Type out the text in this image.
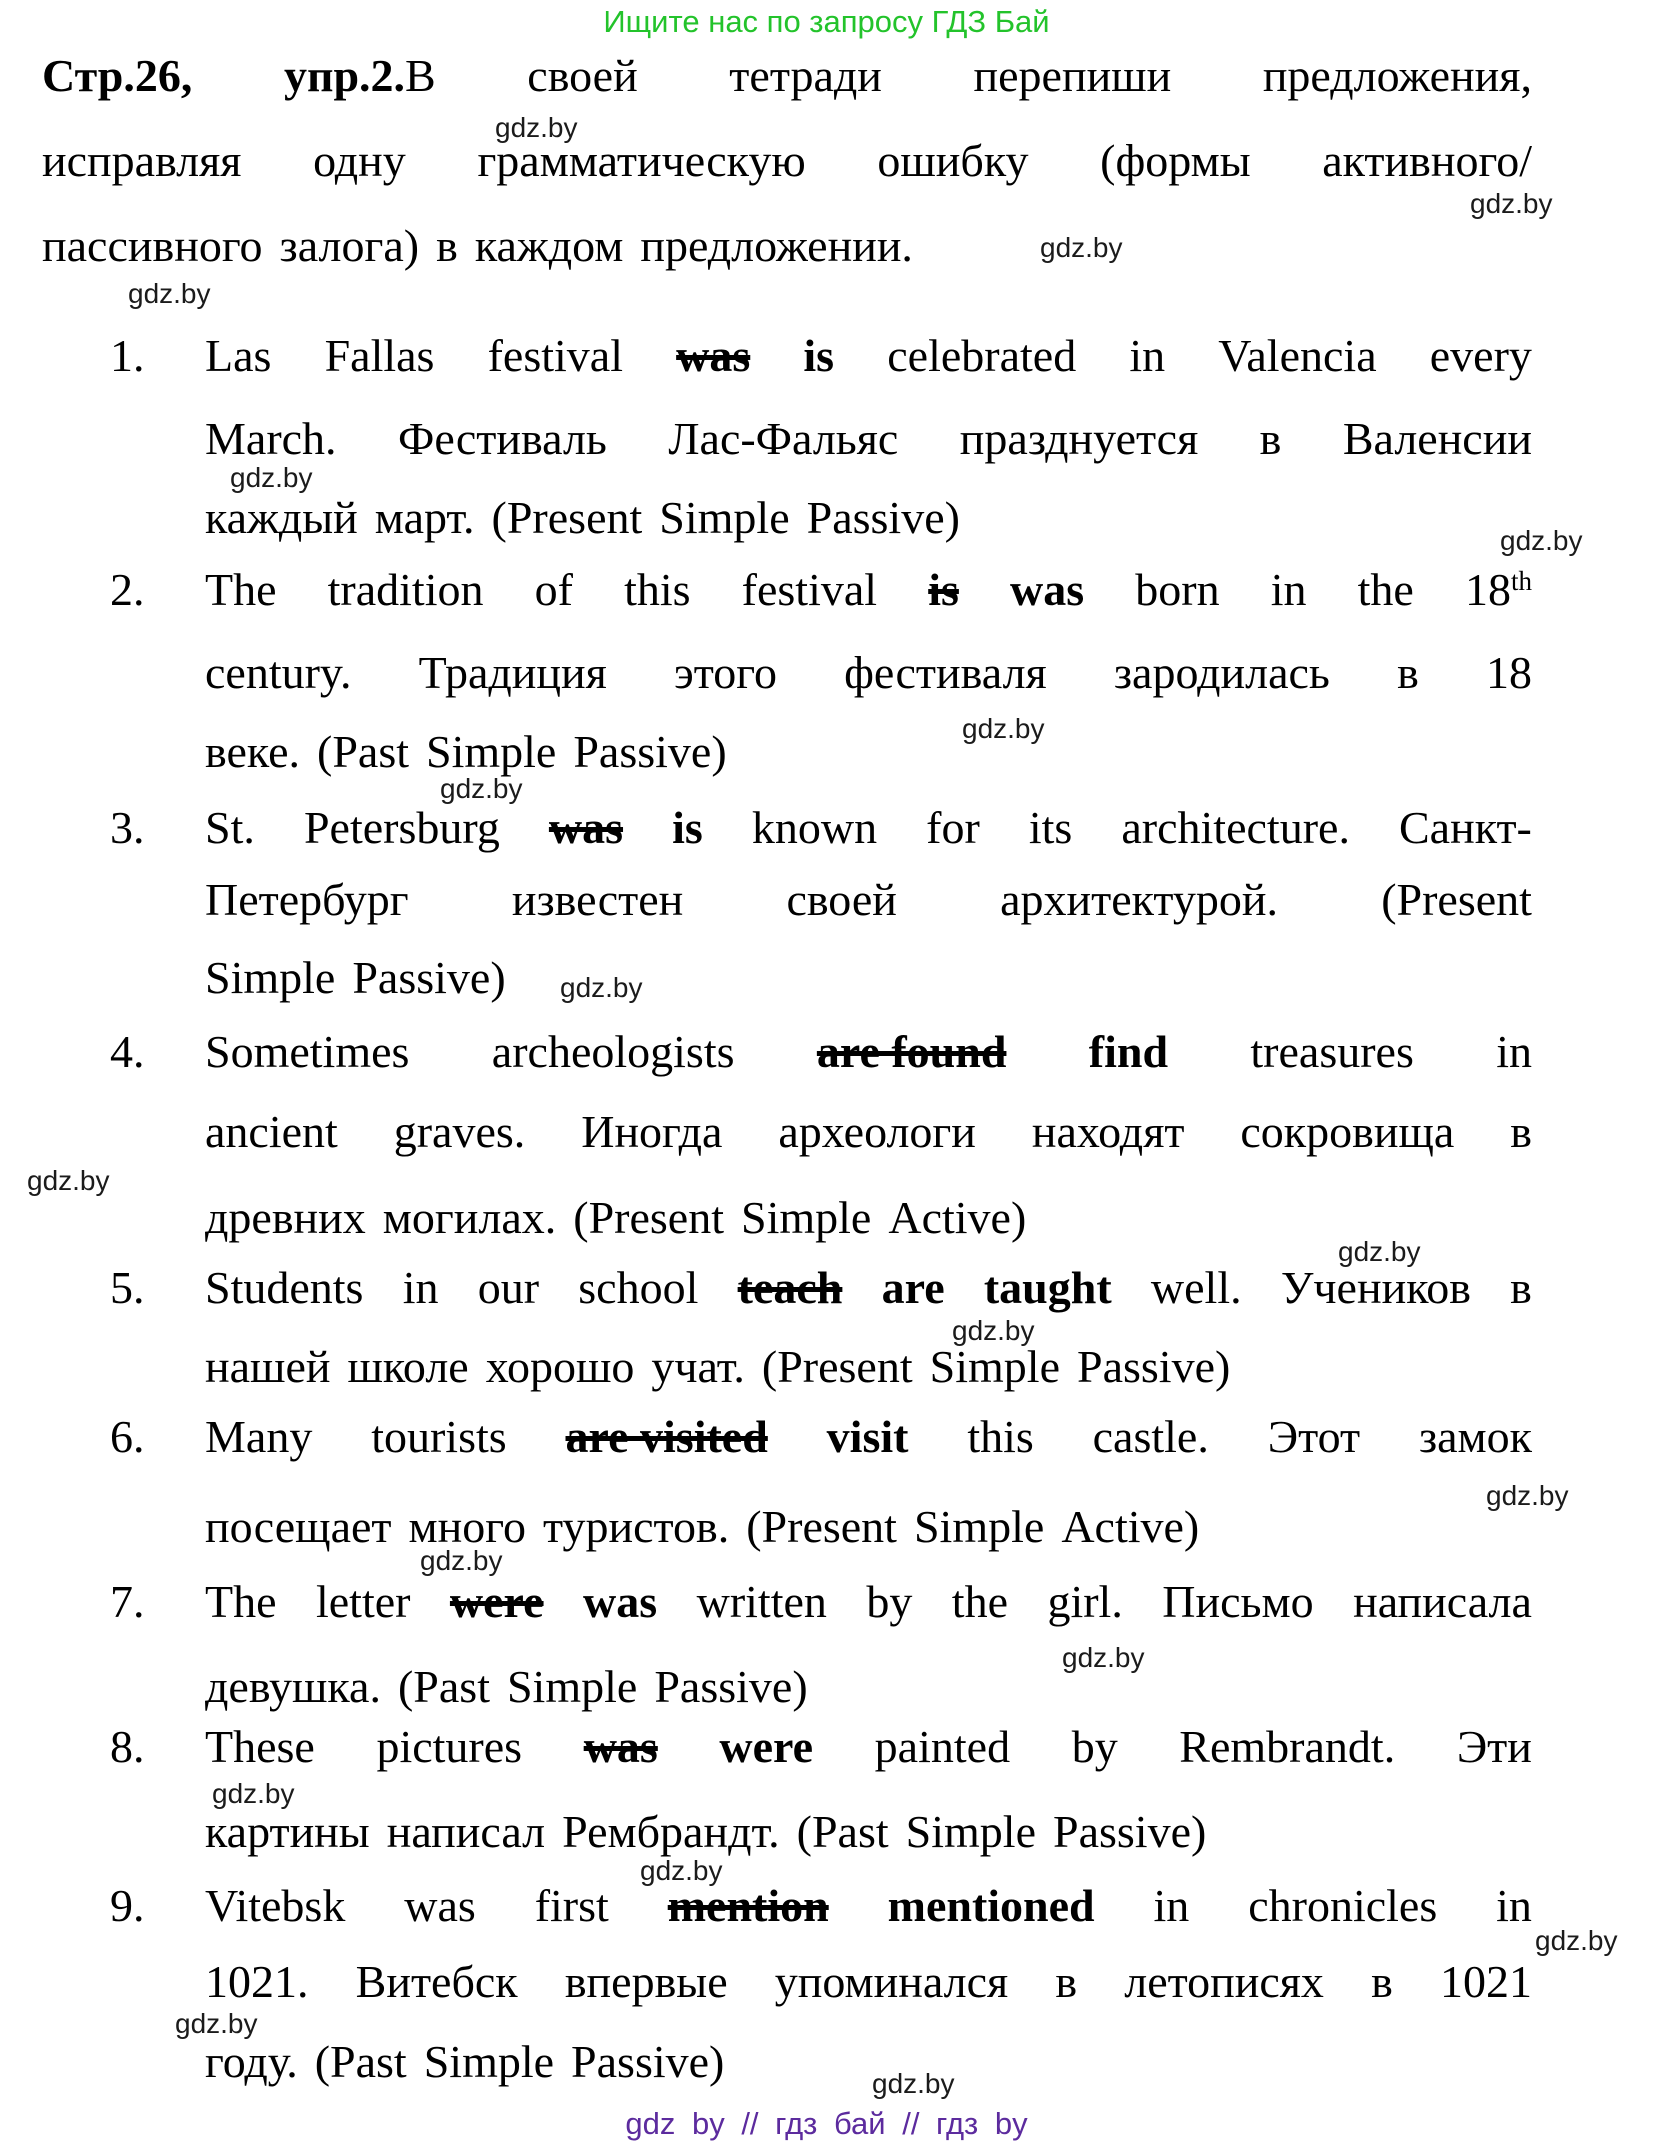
Ищите нас по запросу ГДЗ Бай
Стр.26, упр.2.В своей тетради перепиши предложения,
исправляя одну грамматическую ошибку (формы активного/
пассивного залога) в каждом предложении.
1. Las Fallas festival was is celebrated in Valencia every
March. Фестиваль Лас-Фальяс празднуется в Валенсии
каждый март. (Present Simple Passive)
2. The tradition of this festival is was born in the 18th
century. Традиция этого фестиваля зародилась в 18
веке. (Past Simple Passive)
3. St. Petersburg was is known for its architecture. Санкт-
Петербург известен своей архитектурой. (Present
Simple Passive)
4. Sometimes archeologists are found find treasures in
ancient graves. Иногда археологи находят сокровища в
древних могилах. (Present Simple Active)
5. Students in our school teach are taught well. Учеников в
нашей школе хорошо учат. (Present Simple Passive)
6. Many tourists are visited visit this castle. Этот замок
посещает много туристов. (Present Simple Active)
7. The letter were was written by the girl. Письмо написала
девушка. (Past Simple Passive)
8. These pictures was were painted by Rembrandt. Эти
картины написал Рембрандт. (Past Simple Passive)
9. Vitebsk was first mention mentioned in chronicles in
1021. Витебск впервые упоминался в летописях в 1021
году. (Past Simple Passive)
gdz.by
gdz.by
gdz.by
gdz.by
gdz.by
gdz.by
gdz.by
gdz.by
gdz.by
gdz.by
gdz.by
gdz.by
gdz.by
gdz.by
gdz.by
gdz.by
gdz.by
gdz.by
gdz.by
gdz.by
gdz by // гдз бай // гдз by
